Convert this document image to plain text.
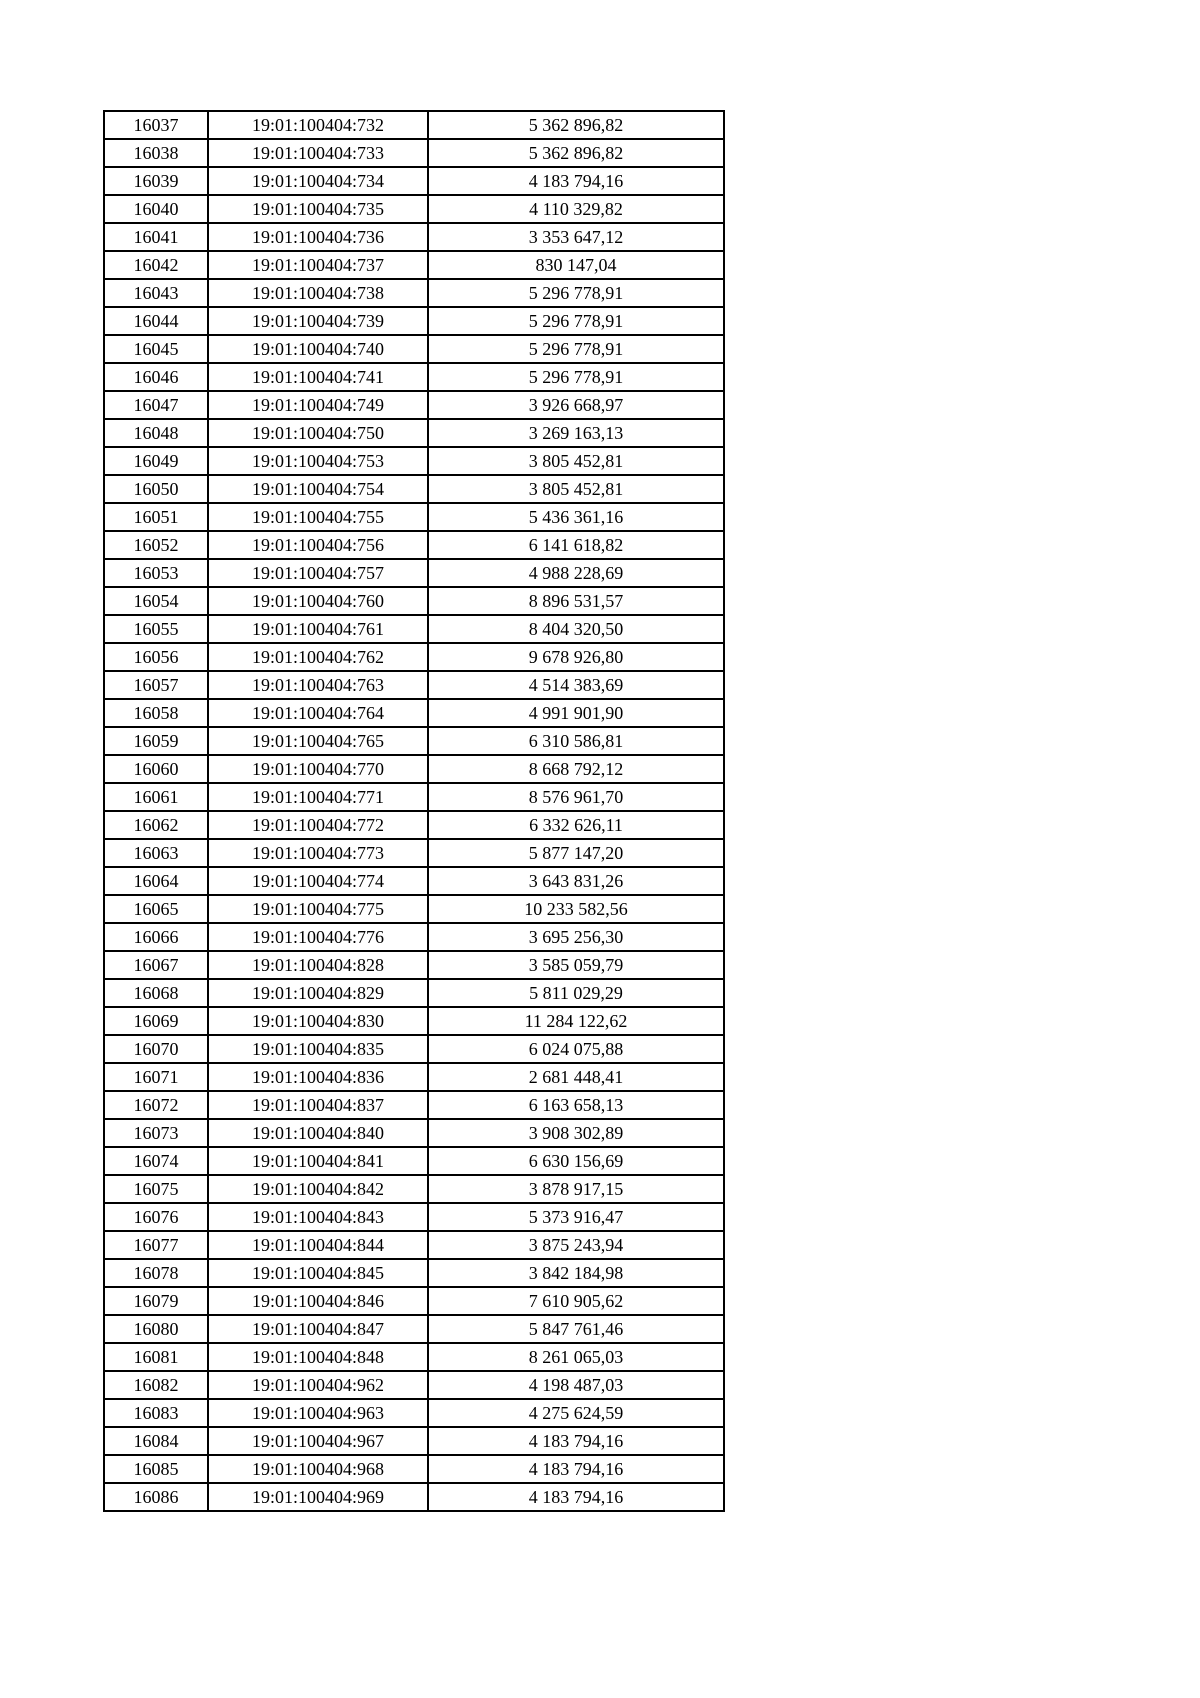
16037	19:01:100404:732	5 362 896,82
16038	19:01:100404:733	5 362 896,82
16039	19:01:100404:734	4 183 794,16
16040	19:01:100404:735	4 110 329,82
16041	19:01:100404:736	3 353 647,12
16042	19:01:100404:737	830 147,04
16043	19:01:100404:738	5 296 778,91
16044	19:01:100404:739	5 296 778,91
16045	19:01:100404:740	5 296 778,91
16046	19:01:100404:741	5 296 778,91
16047	19:01:100404:749	3 926 668,97
16048	19:01:100404:750	3 269 163,13
16049	19:01:100404:753	3 805 452,81
16050	19:01:100404:754	3 805 452,81
16051	19:01:100404:755	5 436 361,16
16052	19:01:100404:756	6 141 618,82
16053	19:01:100404:757	4 988 228,69
16054	19:01:100404:760	8 896 531,57
16055	19:01:100404:761	8 404 320,50
16056	19:01:100404:762	9 678 926,80
16057	19:01:100404:763	4 514 383,69
16058	19:01:100404:764	4 991 901,90
16059	19:01:100404:765	6 310 586,81
16060	19:01:100404:770	8 668 792,12
16061	19:01:100404:771	8 576 961,70
16062	19:01:100404:772	6 332 626,11
16063	19:01:100404:773	5 877 147,20
16064	19:01:100404:774	3 643 831,26
16065	19:01:100404:775	10 233 582,56
16066	19:01:100404:776	3 695 256,30
16067	19:01:100404:828	3 585 059,79
16068	19:01:100404:829	5 811 029,29
16069	19:01:100404:830	11 284 122,62
16070	19:01:100404:835	6 024 075,88
16071	19:01:100404:836	2 681 448,41
16072	19:01:100404:837	6 163 658,13
16073	19:01:100404:840	3 908 302,89
16074	19:01:100404:841	6 630 156,69
16075	19:01:100404:842	3 878 917,15
16076	19:01:100404:843	5 373 916,47
16077	19:01:100404:844	3 875 243,94
16078	19:01:100404:845	3 842 184,98
16079	19:01:100404:846	7 610 905,62
16080	19:01:100404:847	5 847 761,46
16081	19:01:100404:848	8 261 065,03
16082	19:01:100404:962	4 198 487,03
16083	19:01:100404:963	4 275 624,59
16084	19:01:100404:967	4 183 794,16
16085	19:01:100404:968	4 183 794,16
16086	19:01:100404:969	4 183 794,16
